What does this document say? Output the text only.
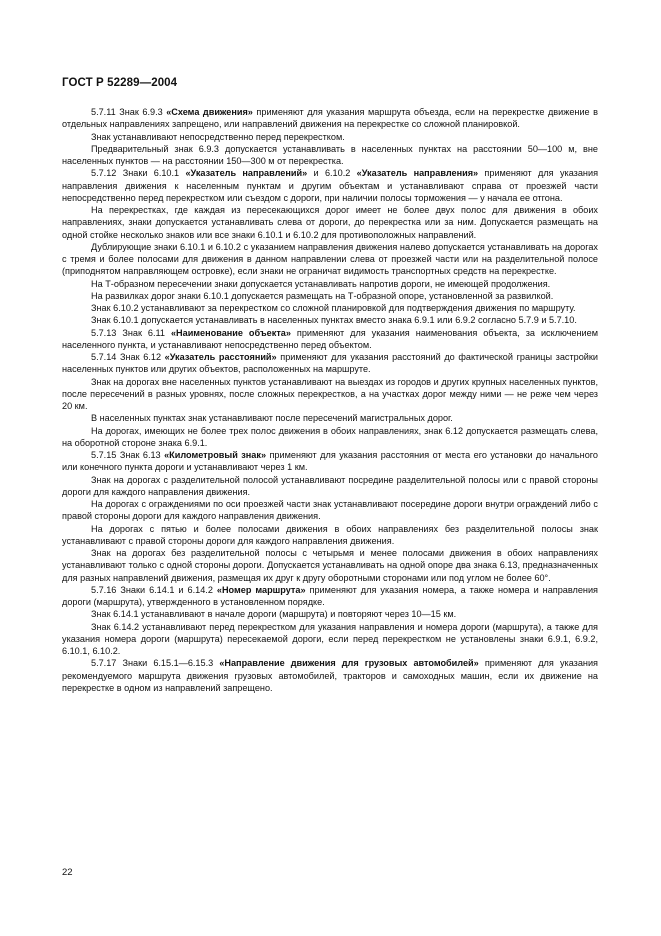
ГОСТ Р 52289—2004

5.7.11 Знак 6.9.3 «Схема движения» применяют для указания маршрута объезда, если на перекрестке движение в отдельных направлениях запрещено, или направлений движения на перекрестке со сложной планировкой.

Знак устанавливают непосредственно перед перекрестком.

Предварительный знак 6.9.3 допускается устанавливать в населенных пунктах на расстоянии 50—100 м, вне населенных пунктов — на расстоянии 150—300 м от перекрестка.

5.7.12 Знаки 6.10.1 «Указатель направлений» и 6.10.2 «Указатель направления» применяют для указания направления движения к населенным пунктам и другим объектам и устанавливают справа от проезжей части непосредственно перед перекрестком или съездом с дороги, при наличии полосы торможения — у начала ее отгона.

На перекрестках, где каждая из пересекающихся дорог имеет не более двух полос для движения в обоих направлениях, знаки допускается устанавливать слева от дороги, до перекрестка или за ним. Допускается размещать на одной стойке несколько знаков или все знаки 6.10.1 и 6.10.2 для противоположных направлений.

Дублирующие знаки 6.10.1 и 6.10.2 с указанием направления движения налево допускается устанавливать на дорогах с тремя и более полосами для движения в данном направлении слева от проезжей части или на разделительной полосе (приподнятом направляющем островке), если знаки не ограничат видимость транспортных средств на перекрестке.

На Т-образном пересечении знаки допускается устанавливать напротив дороги, не имеющей продолжения.

На развилках дорог знаки 6.10.1 допускается размещать на Т-образной опоре, установленной за развилкой.

Знак 6.10.2 устанавливают за перекрестком со сложной планировкой для подтверждения движения по маршруту.

Знак 6.10.1 допускается устанавливать в населенных пунктах вместо знака 6.9.1 или 6.9.2 согласно 5.7.9 и 5.7.10.

5.7.13 Знак 6.11 «Наименование объекта» применяют для указания наименования объекта, за исключением населенного пункта, и устанавливают непосредственно перед объектом.

5.7.14 Знак 6.12 «Указатель расстояний» применяют для указания расстояний до фактической границы застройки населенных пунктов или других объектов, расположенных на маршруте.

Знак на дорогах вне населенных пунктов устанавливают на выездах из городов и других крупных населенных пунктов, после пересечений в разных уровнях, после сложных перекрестков, а на участках дорог между ними — не реже чем через 20 км.

В населенных пунктах знак устанавливают после пересечений магистральных дорог.

На дорогах, имеющих не более трех полос движения в обоих направлениях, знак 6.12 допускается размещать слева, на оборотной стороне знака 6.9.1.

5.7.15 Знак 6.13 «Километровый знак» применяют для указания расстояния от места его установки до начального или конечного пункта дороги и устанавливают через 1 км.

Знак на дорогах с разделительной полосой устанавливают посредине разделительной полосы или с правой стороны дороги для каждого направления движения.

На дорогах с ограждениями по оси проезжей части знак устанавливают посередине дороги внутри ограждений либо с правой стороны дороги для каждого направления движения.

На дорогах с пятью и более полосами движения в обоих направлениях без разделительной полосы знак устанавливают с правой стороны дороги для каждого направления движения.

Знак на дорогах без разделительной полосы с четырьмя и менее полосами движения в обоих направлениях устанавливают только с одной стороны дороги. Допускается устанавливать на одной опоре два знака 6.13, предназначенных для разных направлений движения, размещая их друг к другу оборотными сторонами или под углом не более 60°.

5.7.16 Знаки 6.14.1 и 6.14.2 «Номер маршрута» применяют для указания номера, а также номера и направления дороги (маршрута), утвержденного в установленном порядке.

Знак 6.14.1 устанавливают в начале дороги (маршрута) и повторяют через 10—15 км.

Знак 6.14.2 устанавливают перед перекрестком для указания направления и номера дороги (маршрута), а также для указания номера дороги (маршрута) пересекаемой дороги, если перед перекрестком не установлены знаки 6.9.1, 6.9.2, 6.10.1, 6.10.2.

5.7.17 Знаки 6.15.1—6.15.3 «Направление движения для грузовых автомобилей» применяют для указания рекомендуемого маршрута движения грузовых автомобилей, тракторов и самоходных машин, если их движение на перекрестке в одном из направлений запрещено.

22
